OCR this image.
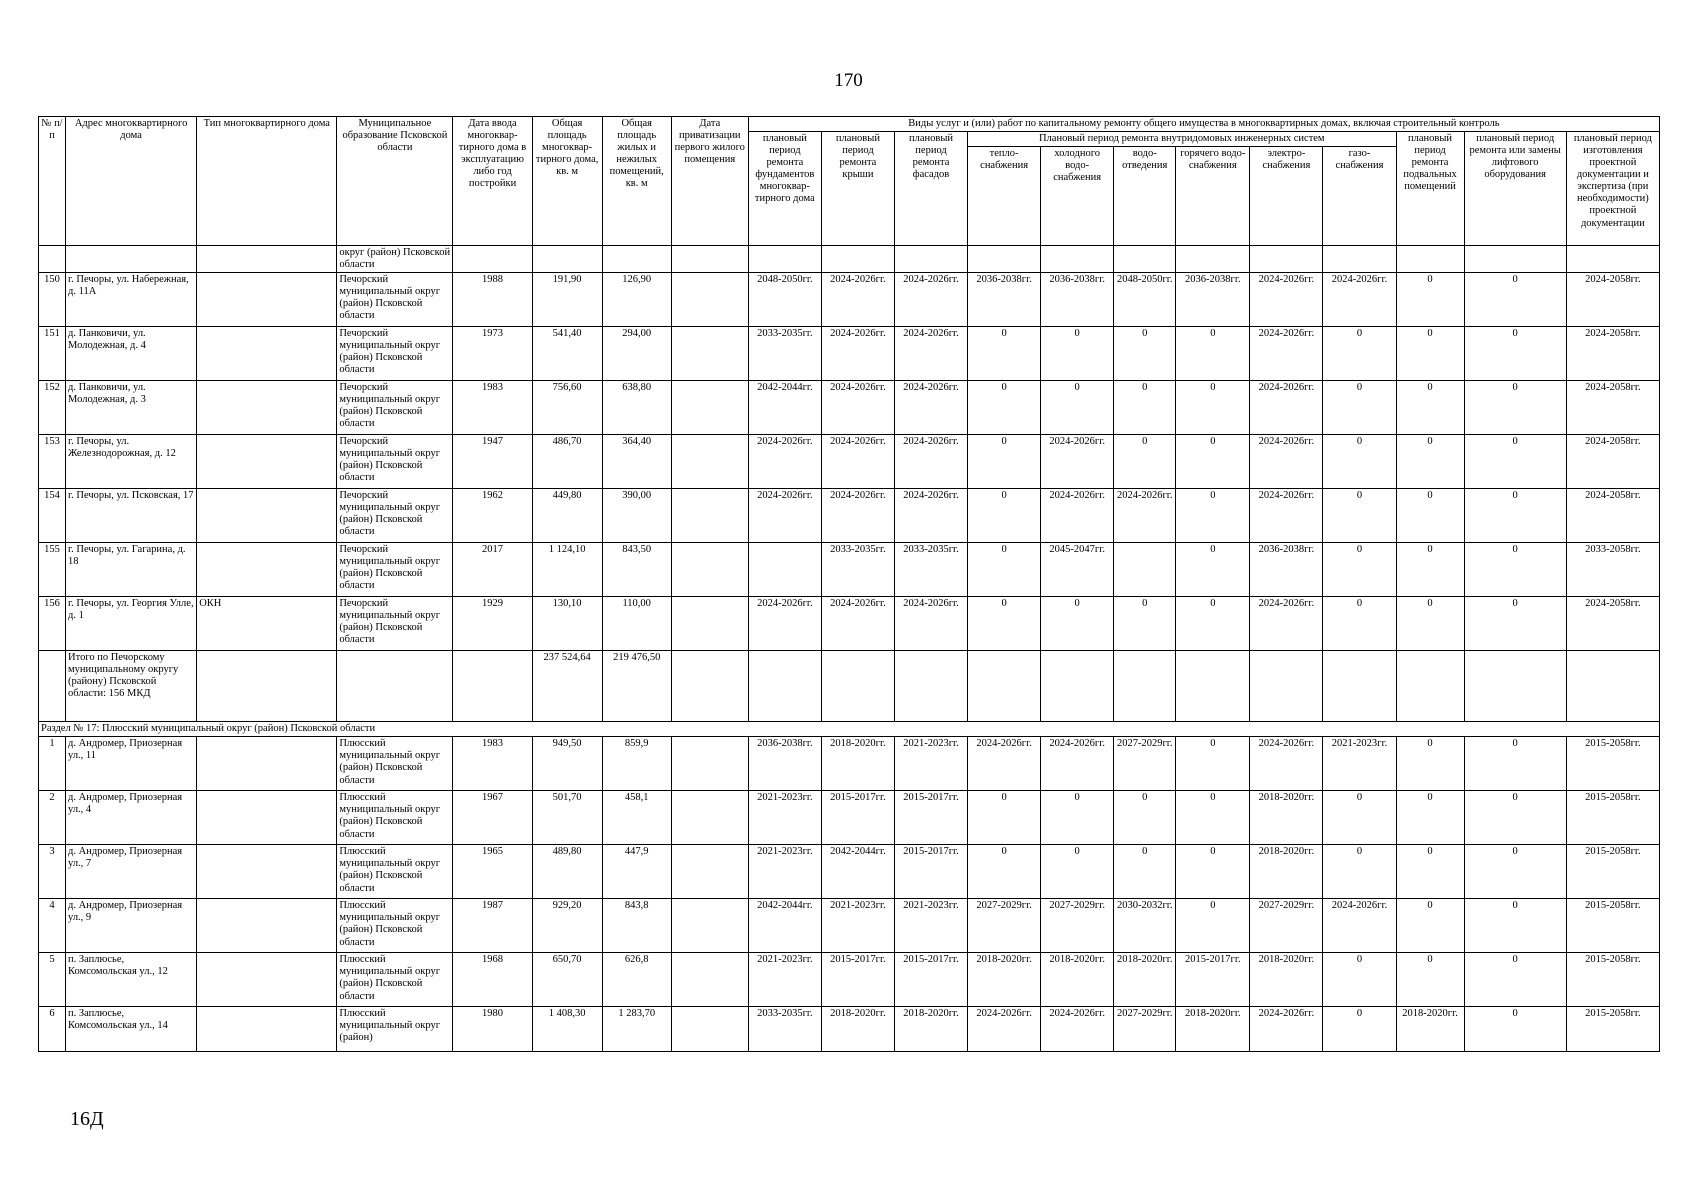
170
№ п/п	Адрес многоквартирного дома	Тип многоквартирного дома	Муниципальное образование Псковской области	Дата ввода многоквар-тирного дома в эксплуатацию либо год постройки	Общая площадь многоквар-тирного дома, кв. м	Общая площадь жилых и нежилых помещений, кв. м	Дата приватизации первого жилого помещения	Виды услуг и (или) работ по капитальному ремонту общего имущества в многоквартирных домах, включая строительный контроль											
								плановый период ремонта фундаментов многоквар-тирного дома	плановый период ремонта крыши	плановый период ремонта фасадов	Плановый период ремонта внутридомовых инженерных систем						плановый период ремонта подвальных помещений	плановый период ремонта или замены лифтового оборудования	плановый период изготовления проектной документации и экспертиза (при необходимости) проектной документации
											тепло-снабжения	холодного водо-снабжения	водо-отведения	горячего водо-снабжения	электро-снабжения	газо-снабжения			
			округ (район) Псковской области																
150	г. Печоры, ул. Набережная, д. 11А		Печорский муниципальный округ (район) Псковской области	1988	191,90	126,90		2048-2050гг.	2024-2026гг.	2024-2026гг.	2036-2038гг.	2036-2038гг.	2048-2050гг.	2036-2038гг.	2024-2026гг.	2024-2026гг.	0	0	2024-2058гг.
151	д. Панковичи, ул. Молодежная, д. 4		Печорский муниципальный округ (район) Псковской области	1973	541,40	294,00		2033-2035гг.	2024-2026гг.	2024-2026гг.	0	0	0	0	2024-2026гг.	0	0	0	2024-2058гг.
152	д. Панковичи, ул. Молодежная, д. 3		Печорский муниципальный округ (район) Псковской области	1983	756,60	638,80		2042-2044гг.	2024-2026гг.	2024-2026гг.	0	0	0	0	2024-2026гг.	0	0	0	2024-2058гг.
153	г. Печоры, ул. Железнодорожная, д. 12		Печорский муниципальный округ (район) Псковской области	1947	486,70	364,40		2024-2026гг.	2024-2026гг.	2024-2026гг.	0	2024-2026гг.	0	0	2024-2026гг.	0	0	0	2024-2058гг.
154	г. Печоры, ул. Псковская, 17		Печорский муниципальный округ (район) Псковской области	1962	449,80	390,00		2024-2026гг.	2024-2026гг.	2024-2026гг.	0	2024-2026гг.	2024-2026гг.	0	2024-2026гг.	0	0	0	2024-2058гг.
155	г. Печоры, ул. Гагарина, д. 18		Печорский муниципальный округ (район) Псковской области	2017	1 124,10	843,50			2033-2035гг.	2033-2035гг.	0	2045-2047гг.		0	2036-2038гг.	0	0	0	2033-2058гг.
156	г. Печоры, ул. Георгия Улле, д. 1	ОКН	Печорский муниципальный округ (район) Псковской области	1929	130,10	110,00		2024-2026гг.	2024-2026гг.	2024-2026гг.	0	0	0	0	2024-2026гг.	0	0	0	2024-2058гг.
	Итого по Печорскому муниципальному округу (району) Псковской области: 156 МКД				237 524,64	219 476,50													
Раздел № 17: Плюсский муниципальный округ (район) Псковской области																			
1	д. Андромер, Приозерная ул., 11		Плюсский муниципальный округ (район) Псковской области	1983	949,50	859,9		2036-2038гг.	2018-2020гг.	2021-2023гг.	2024-2026гг.	2024-2026гг.	2027-2029гг.	0	2024-2026гг.	2021-2023гг.	0	0	2015-2058гг.
2	д. Андромер, Приозерная ул., 4		Плюсский муниципальный округ (район) Псковской области	1967	501,70	458,1		2021-2023гг.	2015-2017гг.	2015-2017гг.	0	0	0	0	2018-2020гг.	0	0	0	2015-2058гг.
3	д. Андромер, Приозерная ул., 7		Плюсский муниципальный округ (район) Псковской области	1965	489,80	447,9		2021-2023гг.	2042-2044гг.	2015-2017гг.	0	0	0	0	2018-2020гг.	0	0	0	2015-2058гг.
4	д. Андромер, Приозерная ул., 9		Плюсский муниципальный округ (район) Псковской области	1987	929,20	843,8		2042-2044гг.	2021-2023гг.	2021-2023гг.	2027-2029гг.	2027-2029гг.	2030-2032гг.	0	2027-2029гг.	2024-2026гг.	0	0	2015-2058гг.
5	п. Заплюсье, Комсомольская ул., 12		Плюсский муниципальный округ (район) Псковской области	1968	650,70	626,8		2021-2023гг.	2015-2017гг.	2015-2017гг.	2018-2020гг.	2018-2020гг.	2018-2020гг.	2015-2017гг.	2018-2020гг.	0	0	0	2015-2058гг.
6	п. Заплюсье, Комсомольская ул., 14		Плюсский муниципальный округ (район)	1980	1 408,30	1 283,70		2033-2035гг.	2018-2020гг.	2018-2020гг.	2024-2026гг.	2024-2026гг.	2027-2029гг.	2018-2020гг.	2024-2026гг.	0	2018-2020гг.	0	2015-2058гг.
16Д
